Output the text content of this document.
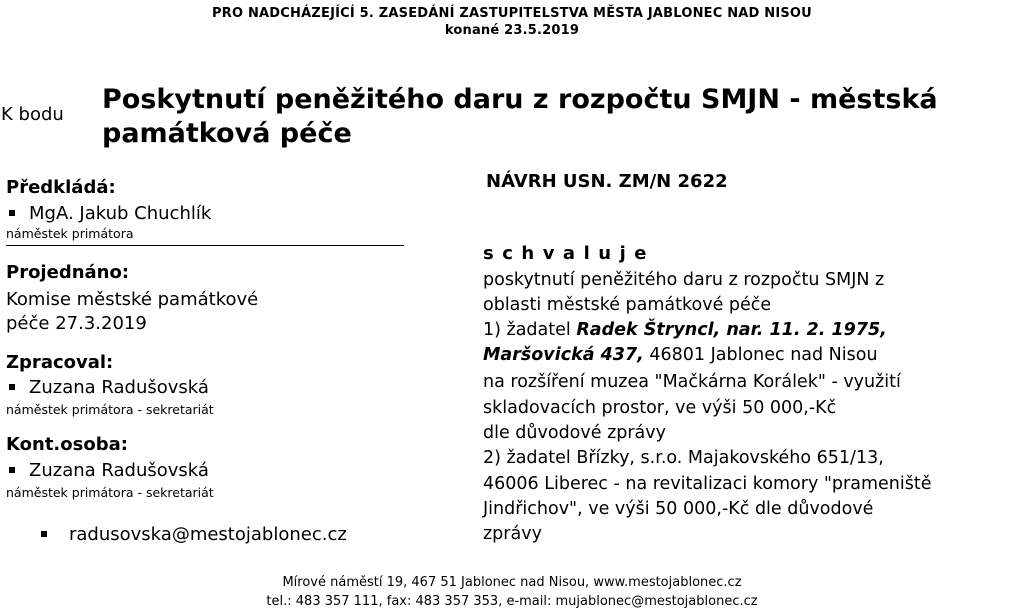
PRO NADCHÁZEJÍCÍ 5. ZASEDÁNÍ ZASTUPITELSTVA MĚSTA JABLONEC NAD NISOU
konané 23.5.2019
K bodu Poskytnutí peněžitého daru z rozpočtu SMJN - městská památková péče
Předkládá:
MgA. Jakub Chuchlík
náměstek primátora
Projednáno:
Komise městské památkové
péče 27.3.2019
Zpracoval:
Zuzana Radušovská
náměstek primátora - sekretariát
Kont.osoba:
Zuzana Radušovská
náměstek primátora - sekretariát
radusovska@mestojablonec.cz
NÁVRH USN. ZM/N 2622
schvaluje
poskytnutí peněžitého daru z rozpočtu SMJN z
oblasti městské památkové péče
1) žadatel Radek Štryncl, nar. 11. 2. 1975,
Maršovická 437, 46801 Jablonec nad Nisou
na rozšíření muzea "Mačkárna Korálek" - využití
skladovacích prostor, ve výši 50 000,-Kč
dle důvodové zprávy
2) žadatel Břízky, s.r.o. Majakovského 651/13,
46006 Liberec - na revitalizaci komory "prameniště
Jindřichov", ve výši 50 000,-Kč dle důvodové
zprávy
Mírové náměstí 19, 467 51 Jablonec nad Nisou, www.mestojablonec.cz
tel.: 483 357 111, fax: 483 357 353, e-mail: mujablonec@mestojablonec.cz
